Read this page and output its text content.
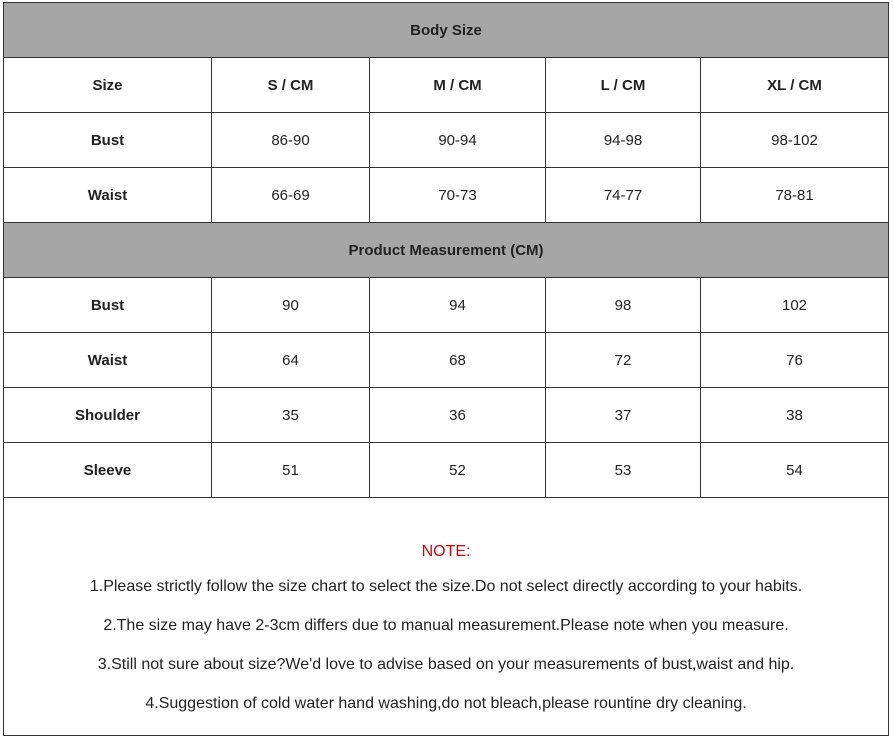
Body Size				
Size	S / CM	M / CM	L / CM	XL / CM
Bust	86-90	90-94	94-98	98-102
Waist	66-69	70-73	74-77	78-81
Product Measurement (CM)				
Bust	90	94	98	102
Waist	64	68	72	76
Shoulder	35	36	37	38
Sleeve	51	52	53	54

NOTE:

1.Please strictly follow the size chart to select the size.Do not select directly according to your habits.

2.The size may have 2-3cm differs due to manual measurement.Please note when you measure.

3.Still not sure about size?We'd love to advise based on your measurements of bust,waist and hip.

4.Suggestion of cold water hand washing,do not bleach,please rountine dry cleaning.				
